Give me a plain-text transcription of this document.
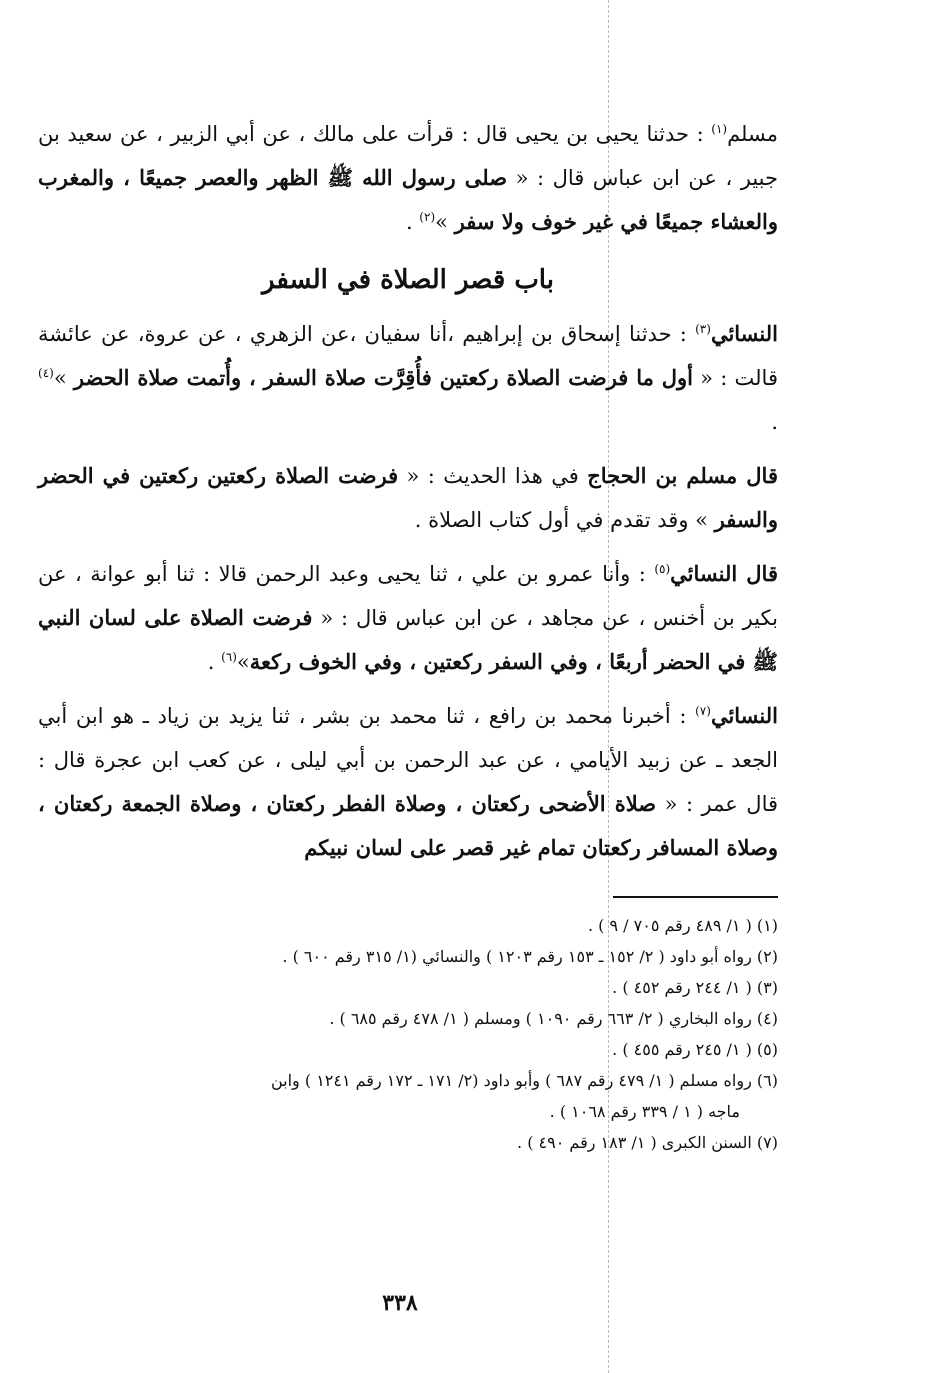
مسلم$^{(١)}$ : حدثنا يحيى بن يحيى قال : قرأت على مالك ، عن أبي الزبير ، عن سعيد بن جبير ، عن ابن عباس قال : « صلى رسول الله ﷺ الظهر والعصر جميعًا ، والمغرب والعشاء جميعًا في غير خوف ولا سفر »$^{(٢)}$ .

باب قصر الصلاة في السفر

النسائي$^{(٣)}$ : حدثنا إسحاق بن إبراهيم ،أنا سفيان ،عن الزهري ، عن عروة، عن عائشة قالت : « أول ما فرضت الصلاة ركعتين فأُقِرَّت صلاة السفر ، وأُتمت صلاة الحضر »$^{(٤)}$ .

قال مسلم بن الحجاج في هذا الحديث : « فرضت الصلاة ركعتين ركعتين في الحضر والسفر » وقد تقدم في أول كتاب الصلاة .

قال النسائي$^{(٥)}$ : وأنا عمرو بن علي ، ثنا يحيى وعبد الرحمن قالا : ثنا أبو عوانة ، عن بكير بن أخنس ، عن مجاهد ، عن ابن عباس قال : « فرضت الصلاة على لسان النبي ﷺ في الحضر أربعًا ، وفي السفر ركعتين ، وفي الخوف ركعة»$^{(٦)}$ .

النسائي$^{(٧)}$ : أخبرنا محمد بن رافع ، ثنا محمد بن بشر ، ثنا يزيد بن زياد ـ هو ابن أبي الجعد ـ عن زبيد الأيامي ، عن عبد الرحمن بن أبي ليلى ، عن كعب ابن عجرة قال : قال عمر : « صلاة الأضحى ركعتان ، وصلاة الفطر ركعتان ، وصلاة الجمعة ركعتان ، وصلاة المسافر ركعتان تمام غير قصر على لسان نبيكم

(١) ( ١/ ٤٨٩ رقم ٧٠٥ / ٩ ) .

(٢) رواه أبو داود ( ٢/ ١٥٢ ـ ١٥٣ رقم ١٢٠٣ ) والنسائي (١/ ٣١٥ رقم ٦٠٠ ) .

(٣) ( ١/ ٢٤٤ رقم ٤٥٢ ) .

(٤) رواه البخاري ( ٢/ ٦٦٣ رقم ١٠٩٠ ) ومسلم ( ١/ ٤٧٨ رقم ٦٨٥ ) .

(٥) ( ١/ ٢٤٥ رقم ٤٥٥ ) .

(٦) رواه مسلم ( ١/ ٤٧٩ رقم ٦٨٧ ) وأبو داود (٢/ ١٧١ ـ ١٧٢ رقم ١٢٤١ ) وابن
ماجه ( ١ / ٣٣٩ رقم ١٠٦٨ ) .

(٧) السنن الكبرى ( ١/ ١٨٣ رقم ٤٩٠ ) .

٣٣٨
